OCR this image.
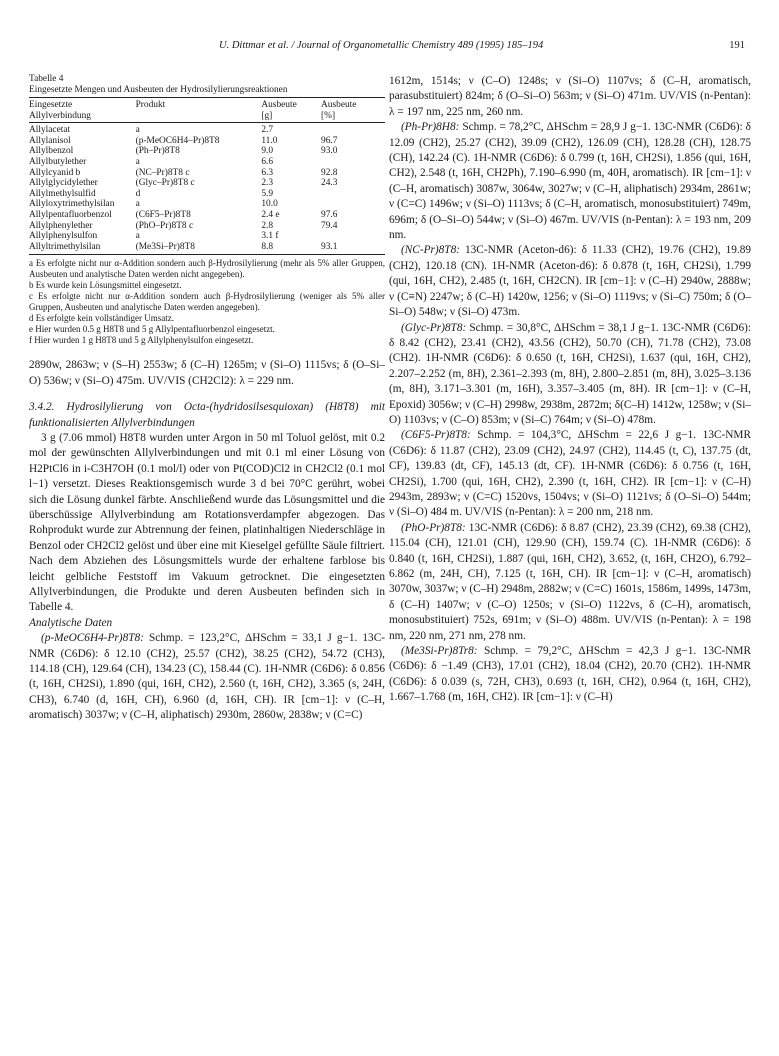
U. Dittmar et al. / Journal of Organometallic Chemistry 489 (1995) 185–194	191
Tabelle 4
Eingesetzte Mengen und Ausbeuten der Hydrosilylierungsreaktionen
Eingesetzte	Produkt	Ausbeute	Ausbeute
Allylverbindung		[g]	[%]
Allylacetat	a	2.7	
Allylanisol	(p-MeOC6H4–Pr)8T8	11.0	96.7
Allylbenzol	(Ph–Pr)8T8	9.0	93.0
Allylbutylether	a	6.6	
Allylcyanid b	(NC–Pr)8T8 c	6.3	92.8
Allylglycidylether	(Glyc–Pr)8T8 c	2.3	24.3
Allylmethylsulfid	d	5.9	
Allyloxytrimethylsilan	a	10.0	
Allylpentafluorbenzol	(C6F5–Pr)8T8	2.4 e	97.6
Allylphenylether	(PhO–Pr)8T8 c	2.8	79.4
Allylphenylsulfon	a	3.1 f	
Allyltrimethylsilan	(Me3Si–Pr)8T8	8.8	93.1

a Es erfolgte nicht nur α-Addition sondern auch β-Hydrosilylierung (mehr als 5% aller Gruppen, Ausbeuten und analytische Daten werden nicht angegeben).

b Es wurde kein Lösungsmittel eingesetzt.

c Es erfolgte nicht nur α-Addition sondern auch β-Hydrosilylierung (weniger als 5% aller Gruppen, Ausbeuten und analytische Daten werden angegeben).

d Es erfolgte kein vollständiger Umsatz.

e Hier wurden 0.5 g H8T8 und 5 g Allylpentafluorbenzol eingesetzt.

f Hier wurden 1 g H8T8 und 5 g Allylphenylsulfon eingesetzt.

2890w, 2863w; ν (S–H) 2553w; δ (C–H) 1265m; ν (Si–O) 1115vs; δ (O–Si–O) 536w; ν (Si–O) 475m. UV/VIS (CH2Cl2): λ = 229 nm.

3.4.2. Hydrosilylierung von Octa-(hydridosilsesquioxan) (H8T8) mit funktionalisierten Allylverbindungen

3 g (7.06 mmol) H8T8 wurden unter Argon in 50 ml Toluol gelöst, mit 0.2 mol der gewünschten Allylverbindungen und mit 0.1 ml einer Lösung von H2PtCl6 in i-C3H7OH (0.1 mol/l) oder von Pt(COD)Cl2 in CH2Cl2 (0.1 mol l−1) versetzt. Dieses Reaktionsgemisch wurde 3 d bei 70°C gerührt, wobei sich die Lösung dunkel färbte. Anschließend wurde das Lösungsmittel und die überschüssige Allylverbindung am Rotationsverdampfer abgezogen. Das Rohprodukt wurde zur Abtrennung der feinen, platinhaltigen Niederschläge in Benzol oder CH2Cl2 gelöst und über eine mit Kieselgel gefüllte Säule filtriert. Nach dem Abziehen des Lösungsmittels wurde der erhaltene farblose bis leicht gelbliche Feststoff im Vakuum getrocknet. Die eingesetzten Allylverbindungen, die Produkte und deren Ausbeuten befinden sich in Tabelle 4.

Analytische Daten

(p-MeOC6H4-Pr)8T8: Schmp. = 123,2°C, ΔHSchm = 33,1 J g−1. 13C-NMR (C6D6): δ 12.10 (CH2), 25.57 (CH2), 38.25 (CH2), 54.72 (CH3), 114.18 (CH), 129.64 (CH), 134.23 (C), 158.44 (C). 1H-NMR (C6D6): δ 0.856 (t, 16H, CH2Si), 1.890 (qui, 16H, CH2), 2.560 (t, 16H, CH2), 3.365 (s, 24H, CH3), 6.740 (d, 16H, CH), 6.960 (d, 16H, CH). IR [cm−1]: ν (C–H, aromatisch) 3037w; ν (C–H, aliphatisch) 2930m, 2860w, 2838w; ν (C=C)

1612m, 1514s; ν (C–O) 1248s; ν (Si–O) 1107vs; δ (C–H, aromatisch, parasubstituiert) 824m; δ (O–Si–O) 563m; ν (Si–O) 471m. UV/VIS (n-Pentan): λ = 197 nm, 225 nm, 260 nm.

(Ph-Pr)8H8: Schmp. = 78,2°C, ΔHSchm = 28,9 J g−1. 13C-NMR (C6D6): δ 12.09 (CH2), 25.27 (CH2), 39.09 (CH2), 126.09 (CH), 128.28 (CH), 128.75 (CH), 142.24 (C). 1H-NMR (C6D6): δ 0.799 (t, 16H, CH2Si), 1.856 (qui, 16H, CH2), 2.548 (t, 16H, CH2Ph), 7.190–6.990 (m, 40H, aromatisch). IR [cm−1]: ν (C–H, aromatisch) 3087w, 3064w, 3027w; ν (C–H, aliphatisch) 2934m, 2861w; ν (C=C) 1496w; ν (Si–O) 1113vs; δ (C–H, aromatisch, monosubstituiert) 749m, 696m; δ (O–Si–O) 544w; ν (Si–O) 467m. UV/VIS (n-Pentan): λ = 193 nm, 209 nm.

(NC-Pr)8T8: 13C-NMR (Aceton-d6): δ 11.33 (CH2), 19.76 (CH2), 19.89 (CH2), 120.18 (CN). 1H-NMR (Aceton-d6): δ 0.878 (t, 16H, CH2Si), 1.799 (qui, 16H, CH2), 2.485 (t, 16H, CH2CN). IR [cm−1]: ν (C–H) 2940w, 2888w; ν (C≡N) 2247w; δ (C–H) 1420w, 1256; ν (Si–O) 1119vs; ν (Si–C) 750m; δ (O–Si–O) 548w; ν (Si–O) 473m.

(Glyc-Pr)8T8: Schmp. = 30,8°C, ΔHSchm = 38,1 J g−1. 13C-NMR (C6D6): δ 8.42 (CH2), 23.41 (CH2), 43.56 (CH2), 50.70 (CH), 71.78 (CH2), 73.08 (CH2). 1H-NMR (C6D6): δ 0.650 (t, 16H, CH2Si), 1.637 (qui, 16H, CH2), 2.207–2.252 (m, 8H), 2.361–2.393 (m, 8H), 2.800–2.851 (m, 8H), 3.025–3.136 (m, 8H), 3.171–3.301 (m, 16H), 3.357–3.405 (m, 8H). IR [cm−1]: ν (C–H, Epoxid) 3056w; ν (C–H) 2998w, 2938m, 2872m; δ(C–H) 1412w, 1258w; ν (Si–O) 1103vs; ν (C–O) 853m; ν (Si–C) 764m; ν (Si–O) 478m.

(C6F5-Pr)8T8: Schmp. = 104,3°C, ΔHSchm = 22,6 J g−1. 13C-NMR (C6D6): δ 11.87 (CH2), 23.09 (CH2), 24.97 (CH2), 114.45 (t, C), 137.75 (dt, CF), 139.83 (dt, CF), 145.13 (dt, CF). 1H-NMR (C6D6): δ 0.756 (t, 16H, CH2Si), 1.700 (qui, 16H, CH2), 2.390 (t, 16H, CH2). IR [cm−1]: ν (C–H) 2943m, 2893w; ν (C=C) 1520vs, 1504vs; ν (Si–O) 1121vs; δ (O–Si–O) 544m; ν (Si–O) 484 m. UV/VIS (n-Pentan): λ = 200 nm, 218 nm.

(PhO-Pr)8T8: 13C-NMR (C6D6): δ 8.87 (CH2), 23.39 (CH2), 69.38 (CH2), 115.04 (CH), 121.01 (CH), 129.90 (CH), 159.74 (C). 1H-NMR (C6D6): δ 0.840 (t, 16H, CH2Si), 1.887 (qui, 16H, CH2), 3.652, (t, 16H, CH2O), 6.792–6.862 (m, 24H, CH), 7.125 (t, 16H, CH). IR [cm−1]: ν (C–H, aromatisch) 3070w, 3037w; ν (C–H) 2948m, 2882w; ν (C=C) 1601s, 1586m, 1499s, 1473m, δ (C–H) 1407w; ν (C–O) 1250s; ν (Si–O) 1122vs, δ (C–H), aromatisch, monosubstituiert) 752s, 691m; ν (Si–O) 488m. UV/VIS (n-Pentan): λ = 198 nm, 220 nm, 271 nm, 278 nm.

(Me3Si-Pr)8Tr8: Schmp. = 79,2°C, ΔHSchm = 42,3 J g−1. 13C-NMR (C6D6): δ −1.49 (CH3), 17.01 (CH2), 18.04 (CH2), 20.70 (CH2). 1H-NMR (C6D6): δ 0.039 (s, 72H, CH3), 0.693 (t, 16H, CH2), 0.964 (t, 16H, CH2), 1.667–1.768 (m, 16H, CH2). IR [cm−1]: ν (C–H)
